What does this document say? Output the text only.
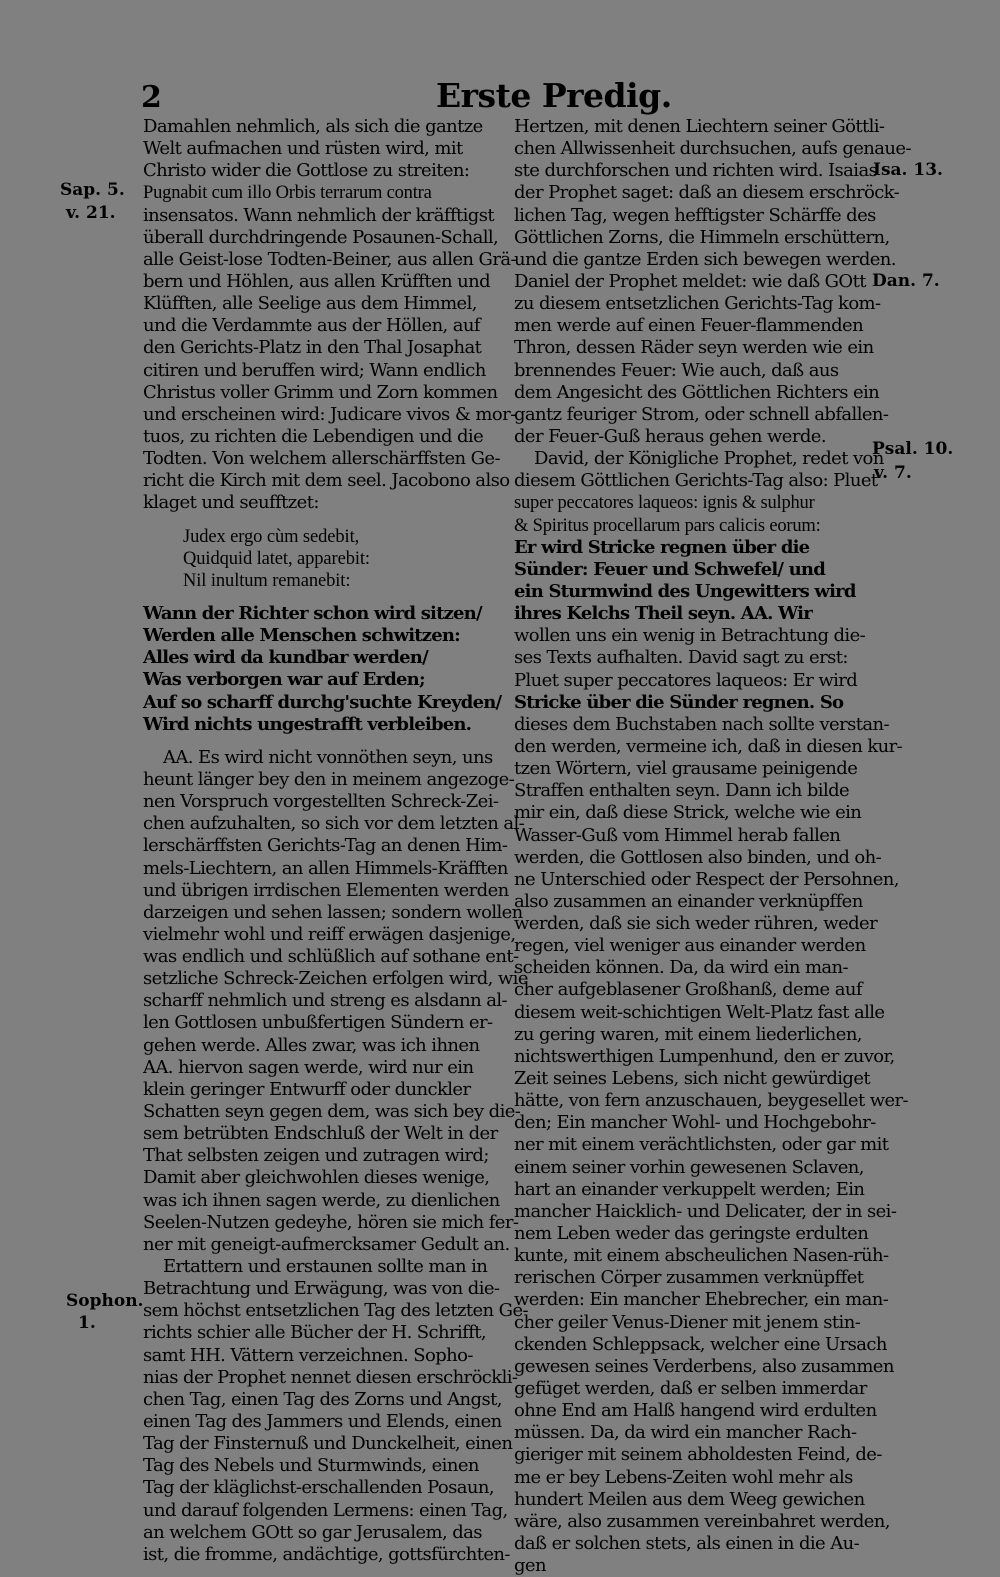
2	Erste Predig.
Sap. 5.
v. 21.
Isa. 13.
Dan. 7.
Psal. 10.
v. 7.
Sophon.
1.
Damahlen nehmlich, als sich die gantze
Welt aufmachen und rüsten wird, mit
Christo wider die Gottlose zu streiten:
Pugnabit cum illo Orbis terrarum contra
insensatos. Wann nehmlich der kräfftigst
überall durchdringende Posaunen-Schall,
alle Geist-lose Todten-Beiner, aus allen Grä-
bern und Höhlen, aus allen Krüfften und
Klüfften, alle Seelige aus dem Himmel,
und die Verdammte aus der Höllen, auf
den Gerichts-Platz in den Thal Josaphat
citiren und beruffen wird; Wann endlich
Christus voller Grimm und Zorn kommen
und erscheinen wird: Judicare vivos & mor-
tuos, zu richten die Lebendigen und die
Todten. Von welchem allerschärffsten Ge-
richt die Kirch mit dem seel. Jacobono also
klaget und seufftzet:
Judex ergo cùm sedebit,
Quidquid latet, apparebit:
Nil inultum remanebit:
Wann der Richter schon wird sitzen/
Werden alle Menschen schwitzen:
Alles wird da kundbar werden/
Was verborgen war auf Erden;
Auf so scharff durchg'suchte Kreyden/
Wird nichts ungestrafft verbleiben.
AA. Es wird nicht vonnöthen seyn, uns
heunt länger bey den in meinem angezoge-
nen Vorspruch vorgestellten Schreck-Zei-
chen aufzuhalten, so sich vor dem letzten al-
lerschärffsten Gerichts-Tag an denen Him-
mels-Liechtern, an allen Himmels-Kräfften
und übrigen irrdischen Elementen werden
darzeigen und sehen lassen; sondern wollen
vielmehr wohl und reiff erwägen dasjenige,
was endlich und schlüßlich auf sothane ent-
setzliche Schreck-Zeichen erfolgen wird, wie
scharff nehmlich und streng es alsdann al-
len Gottlosen unbußfertigen Sündern er-
gehen werde. Alles zwar, was ich ihnen
AA. hiervon sagen werde, wird nur ein
klein geringer Entwurff oder dunckler
Schatten seyn gegen dem, was sich bey die-
sem betrübten Endschluß der Welt in der
That selbsten zeigen und zutragen wird;
Damit aber gleichwohlen dieses wenige,
was ich ihnen sagen werde, zu dienlichen
Seelen-Nutzen gedeyhe, hören sie mich fer-
ner mit geneigt-aufmercksamer Gedult an.
Ertattern und erstaunen sollte man in
Betrachtung und Erwägung, was von die-
sem höchst entsetzlichen Tag des letzten Ge-
richts schier alle Bücher der H. Schrifft,
samt HH. Vättern verzeichnen. Sopho-
nias der Prophet nennet diesen erschröckli-
chen Tag, einen Tag des Zorns und Angst,
einen Tag des Jammers und Elends, einen
Tag der Finsternuß und Dunckelheit, einen
Tag des Nebels und Sturmwinds, einen
Tag der kläglichst-erschallenden Posaun,
und darauf folgenden Lermens: einen Tag,
an welchem GOtt so gar Jerusalem, das
ist, die fromme, andächtige, gottsfürchten-
Hertzen, mit denen Liechtern seiner Göttli-
chen Allwissenheit durchsuchen, aufs genaue-
ste durchforschen und richten wird. Isaias
der Prophet saget: daß an diesem erschröck-
lichen Tag, wegen hefftigster Schärffe des
Göttlichen Zorns, die Himmeln erschüttern,
und die gantze Erden sich bewegen werden.
Daniel der Prophet meldet: wie daß GOtt
zu diesem entsetzlichen Gerichts-Tag kom-
men werde auf einen Feuer-flammenden
Thron, dessen Räder seyn werden wie ein
brennendes Feuer: Wie auch, daß aus
dem Angesicht des Göttlichen Richters ein
gantz feuriger Strom, oder schnell abfallen-
der Feuer-Guß heraus gehen werde.
David, der Königliche Prophet, redet von
diesem Göttlichen Gerichts-Tag also: Pluet
super peccatores laqueos: ignis & sulphur
& Spiritus procellarum pars calicis eorum:
Er wird Stricke regnen über die
Sünder: Feuer und Schwefel/ und
ein Sturmwind des Ungewitters wird
ihres Kelchs Theil seyn. AA. Wir
wollen uns ein wenig in Betrachtung die-
ses Texts aufhalten. David sagt zu erst:
Pluet super peccatores laqueos: Er wird
Stricke über die Sünder regnen. So
dieses dem Buchstaben nach sollte verstan-
den werden, vermeine ich, daß in diesen kur-
tzen Wörtern, viel grausame peinigende
Straffen enthalten seyn. Dann ich bilde
mir ein, daß diese Strick, welche wie ein
Wasser-Guß vom Himmel herab fallen
werden, die Gottlosen also binden, und oh-
ne Unterschied oder Respect der Persohnen,
also zusammen an einander verknüpffen
werden, daß sie sich weder rühren, weder
regen, viel weniger aus einander werden
scheiden können. Da, da wird ein man-
cher aufgeblasener Großhanß, deme auf
diesem weit-schichtigen Welt-Platz fast alle
zu gering waren, mit einem liederlichen,
nichtswerthigen Lumpenhund, den er zuvor,
Zeit seines Lebens, sich nicht gewürdiget
hätte, von fern anzuschauen, beygesellet wer-
den; Ein mancher Wohl- und Hochgebohr-
ner mit einem verächtlichsten, oder gar mit
einem seiner vorhin gewesenen Sclaven,
hart an einander verkuppelt werden; Ein
mancher Haicklich- und Delicater, der in sei-
nem Leben weder das geringste erdulten
kunte, mit einem abscheulichen Nasen-rüh-
rerischen Cörper zusammen verknüpffet
werden: Ein mancher Ehebrecher, ein man-
cher geiler Venus-Diener mit jenem stin-
ckenden Schleppsack, welcher eine Ursach
gewesen seines Verderbens, also zusammen
gefüget werden, daß er selben immerdar
ohne End am Halß hangend wird erdulten
müssen. Da, da wird ein mancher Rach-
gieriger mit seinem abholdesten Feind, de-
me er bey Lebens-Zeiten wohl mehr als
hundert Meilen aus dem Weeg gewichen
wäre, also zusammen vereinbahret werden,
daß er solchen stets, als einen in die Au-
gen
